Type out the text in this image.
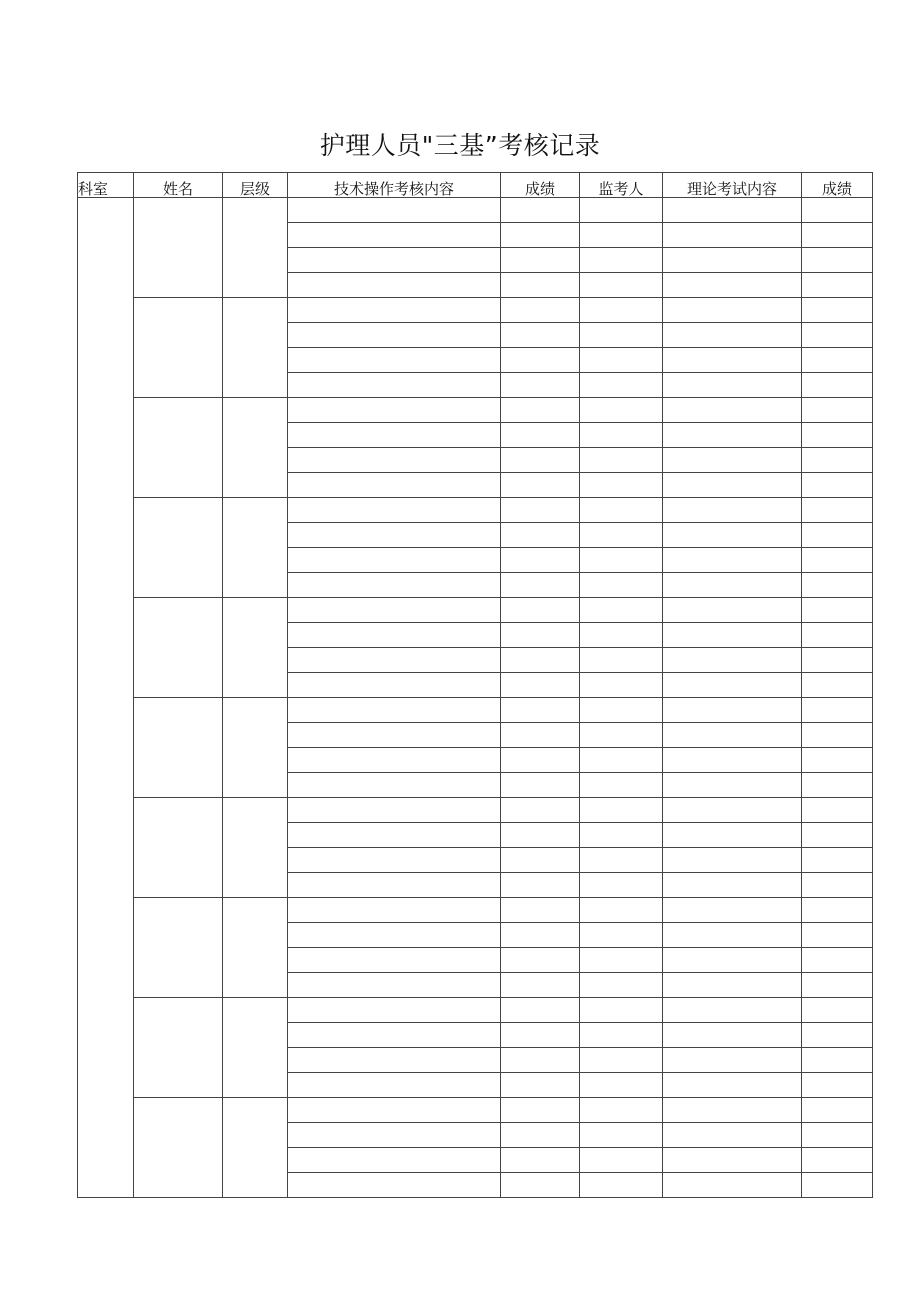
护理人员"三基”考核记录
科室	姓名	层级	技术操作考核内容	成绩	监考人	理论考试内容	成绩
